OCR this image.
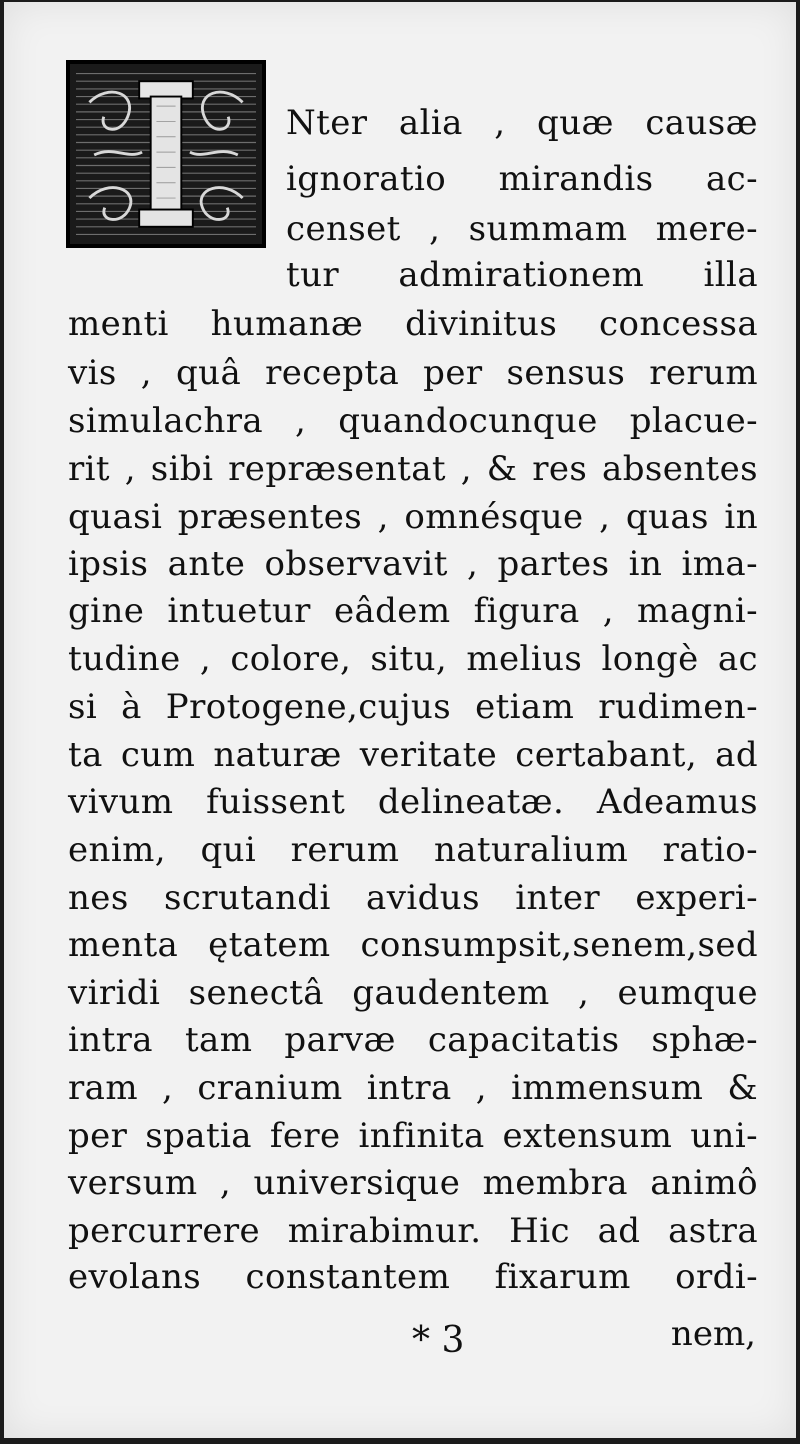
Nter alia , quæ causæ
ignoratio mirandis ac-
censet , summam mere-
tur admirationem illa
menti humanæ divinitus concessa
vis , quâ recepta per sensus rerum
simulachra , quandocunque placue-
rit , sibi repræsentat , & res absentes
quasi præsentes , omnésque , quas in
ipsis ante observavit , partes in ima-
gine intuetur eâdem figura , magni-
tudine , colore, situ, melius longè ac
si à Protogene,cujus etiam rudimen-
ta cum naturæ veritate certabant, ad
vivum fuissent delineatæ. Adeamus
enim, qui rerum naturalium ratio-
nes scrutandi avidus inter experi-
menta ętatem consumpsit,senem,sed
viridi senectâ gaudentem , eumque
intra tam parvæ capacitatis sphæ-
ram , cranium intra , immensum &
per spatia fere infinita extensum uni-
versum , universique membra animô
percurrere mirabimur. Hic ad astra
evolans constantem fixarum ordi-
* 3	nem,
